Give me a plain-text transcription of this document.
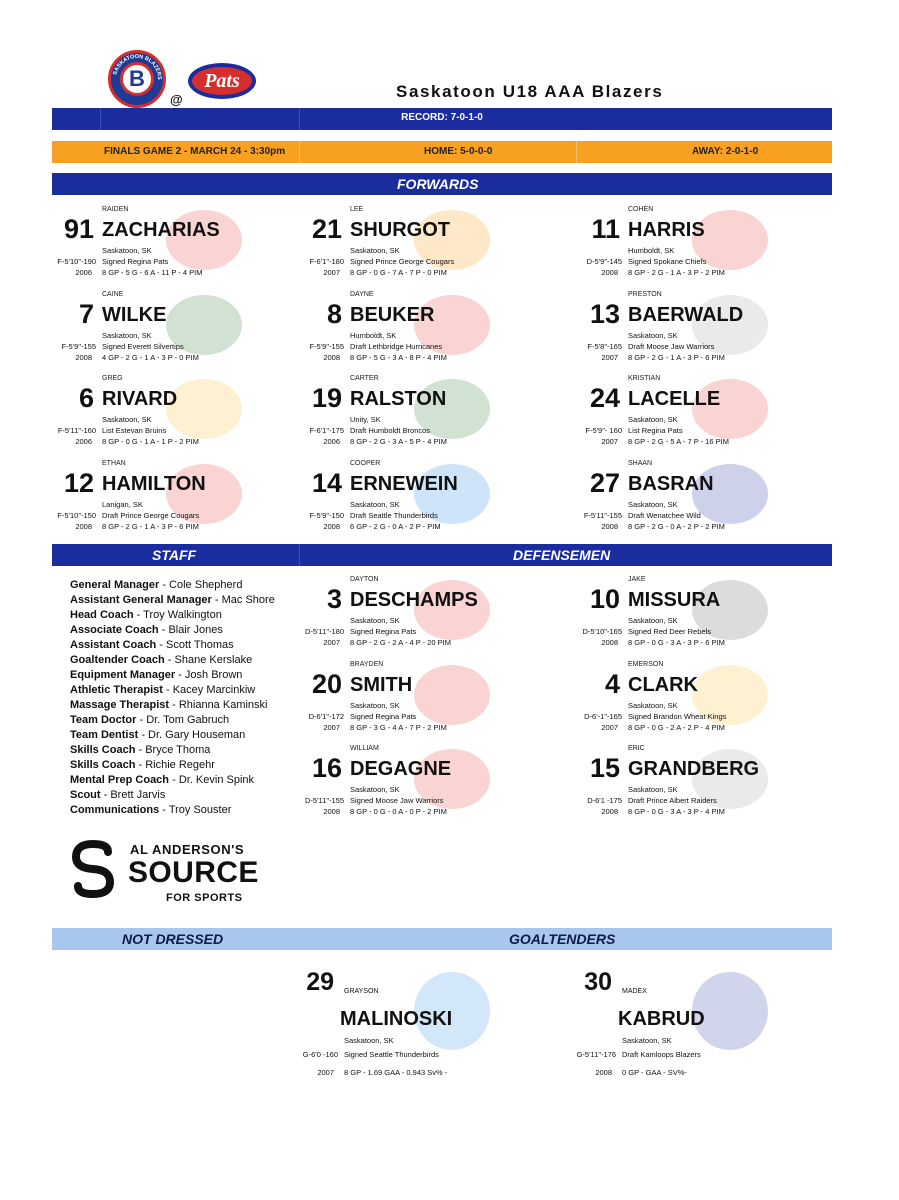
B
SASKATOON BLAZERS
@
Pats	Saskatoon U18 AAA Blazers
RECORD: 7-0-1-0
FINALS GAME 2 - MARCH 24 - 3:30pm	HOME: 5-0-0-0	AWAY: 2-0-1-0
FORWARDS
91
RAIDEN
ZACHARIAS
Saskatoon, SK
F-5'10"-190 Signed Regina Pats
2006	8 GP - 5 G - 6 A - 11 P - 4 PIM
21
LEE
SHURGOT
Saskatoon, SK
F-6'1"-180 Signed Prince George Cougars
2007	8 GP - 0 G - 7 A - 7 P - 0 PIM
11
COHEN
HARRIS
Humboldt, SK
D-5'9"-145 Signed Spokane Chiefs
2008	8 GP - 2 G - 1 A - 3 P - 2 PIM
7
CAINE
WILKE
Saskatoon, SK
F-5'9"-155 Signed Everett Silvertips
2008	4 GP - 2 G - 1 A - 3 P - 0 PIM
8
DAYNE
BEUKER
Humboldt, SK
F-5'9"-155 Draft Lethbridge Hurricanes
2008	8 GP - 5 G - 3 A - 8 P - 4 PIM
13
PRESTON
BAERWALD
Saskatoon, SK
F-5'8"-165 Draft Moose Jaw Warriors
2007	8 GP - 2 G - 1 A - 3 P - 6 PIM
6
GREG
RIVARD
Saskatoon, SK
F-5'11"-160 List Estevan Bruins
2006	8 GP - 0 G - 1 A - 1 P - 2 PIM
19
CARTER
RALSTON
Unity, SK
F-6'1"-175 Draft Humboldt Broncos
2006	8 GP - 2 G - 3 A - 5 P - 4 PIM
24
KRISTIAN
LACELLE
Saskatoon, SK
F-5'9"- 160 List Regina Pats
2007	8 GP - 2 G - 5 A - 7 P - 16 PIM
12
ETHAN
HAMILTON
Lanigan, SK
F-5'10"-150 Draft Prince George Cougars
2008	8 GP - 2 G - 1 A - 3 P - 6 PIM
14
COOPER
ERNEWEIN
Saskatoon, SK
F-5'9"-150 Draft Seattle Thunderbirds
2008	6 GP - 2 G - 0 A - 2 P - PIM
27
SHAAN
BASRAN
Saskatoon, SK
F-5'11"-155 Draft Wenatchee Wild
2008	8 GP - 2 G - 0 A - 2 P - 2 PIM
STAFF	DEFENSEMEN
General Manager - Cole Shepherd
Assistant General Manager - Mac Shore
Head Coach - Troy Walkington
Associate Coach - Blair Jones
Assistant Coach - Scott Thomas
Goaltender Coach - Shane Kerslake
Equipment Manager - Josh Brown
Athletic Therapist - Kacey Marcinkiw
Massage Therapist - Rhianna Kaminski
Team Doctor - Dr. Tom Gabruch
Team Dentist - Dr. Gary Houseman
Skills Coach - Bryce Thoma
Skills Coach - Richie Regehr
Mental Prep Coach - Dr. Kevin Spink
Scout - Brett Jarvis
Communications - Troy Souster
AL ANDERSON'S
SOURCE
FOR SPORTS
3
DAYTON
DESCHAMPS
Saskatoon, SK
D-5'11"-180 Signed Regina Pats
2007	8 GP - 2 G - 2 A - 4 P - 20 PIM
10
JAKE
MISSURA
Saskatoon, SK
D-5'10"-165 Signed Red Deer Rebels
2008	8 GP - 0 G - 3 A - 3 P - 6 PIM
20
BRAYDEN
SMITH
Saskatoon, SK
D-6'1"-172 Signed Regina Pats
2007	8 GP - 3 G - 4 A - 7 P - 2 PIM
4
EMERSON
CLARK
Saskatoon, SK
D-6'-1"-165 Signed Brandon Wheat Kings
2007	8 GP - 0 G - 2 A - 2 P - 4 PIM
16
WILLIAM
DEGAGNE
Saskatoon, SK
D-5'11"-155 Signed Moose Jaw Warriors
2008	8 GP - 0 G - 0 A - 0 P - 2 PIM
15
ERIC
GRANDBERG
Saskatoon, SK
D-6'1 -175 Draft Prince Albert Raiders
2008	8 GP - 0 G - 3 A - 3 P - 4 PIM
NOT DRESSED	GOALTENDERS
29 GRAYSON
MALINOSKI
Saskatoon, SK
G-6'0 -160 Signed Seattle Thunderbirds
2007 8 GP - 1.69 GAA - 0.943 Sv% -
30 MADEX
KABRUD
Saskatoon, SK
G-5'11"-176 Draft Kamloops Blazers
2008 0 GP - GAA - SV%-
